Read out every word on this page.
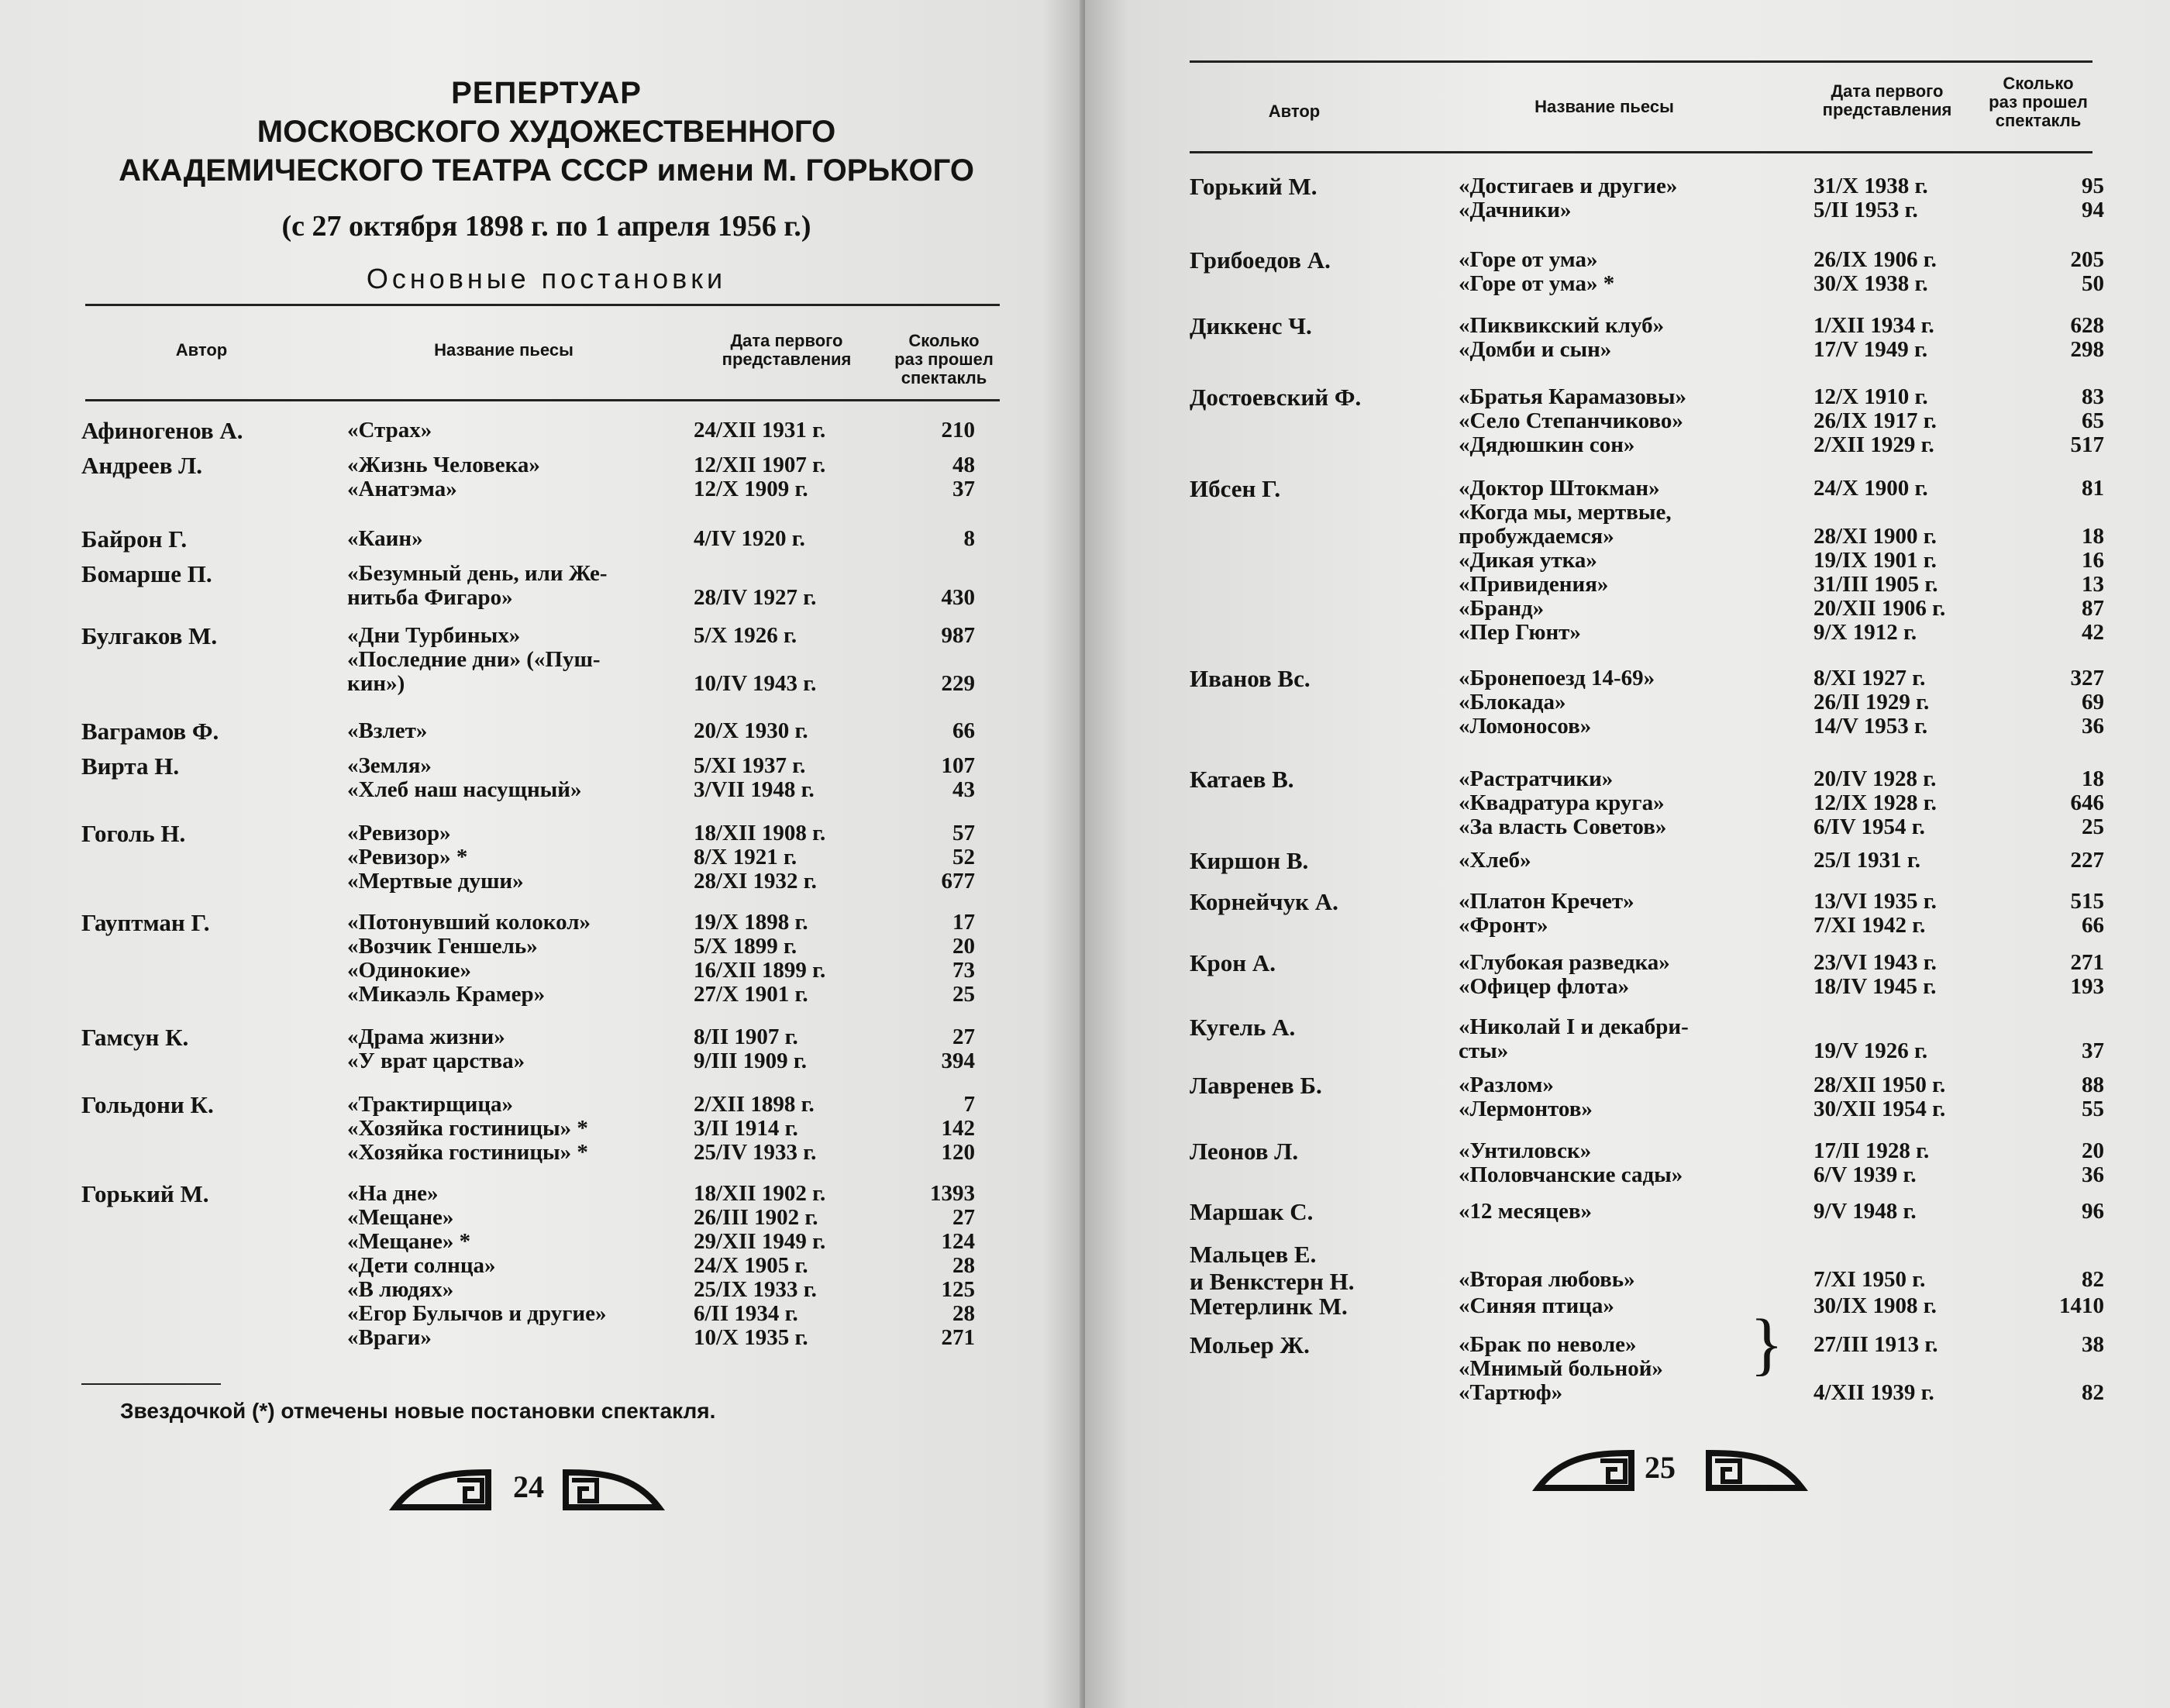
РЕПЕРТУАР
МОСКОВСКОГО ХУДОЖЕСТВЕННОГО
АКАДЕМИЧЕСКОГО ТЕАТРА СССР имени М. ГОРЬКОГО
(с 27 октября 1898 г. по 1 апреля 1956 г.)
Основные постановки
Автор	Название пьесы	Дата первого
представления
Сколько
раз прошел
спектакль
Афиногенов А.	«Страх»	24/XII 1931 г.	210
Андреев Л.	«Жизнь Человека»	12/XII 1907 г.	48
«Анатэма»	12/X 1909 г.	37
Байрон Г.	«Каин»	4/IV 1920 г.	8
Бомарше П.	«Безумный день, или Же-
нитьба Фигаро»	28/IV 1927 г.	430
Булгаков М.	«Дни Турбиных»	5/X 1926 г.	987
«Последние дни» («Пуш-
кин»)	10/IV 1943 г.	229
Ваграмов Ф.	«Взлет»	20/X 1930 г.	66
Вирта Н.	«Земля»	5/XI 1937 г.	107
«Хлеб наш насущный»	3/VII 1948 г.	43
Гоголь Н.	«Ревизор»	18/XII 1908 г.	57
«Ревизор» *	8/X 1921 г.	52
«Мертвые души»	28/XI 1932 г.	677
Гауптман Г.	«Потонувший колокол»	19/X 1898 г.	17
«Возчик Геншель»	5/X 1899 г.	20
«Одинокие»	16/XII 1899 г.	73
«Микаэль Крамер»	27/X 1901 г.	25
Гамсун К.	«Драма жизни»	8/II 1907 г.	27
«У врат царства»	9/III 1909 г.	394
Гольдони К.	«Трактирщица»	2/XII 1898 г.	7
«Хозяйка гостиницы» *	3/II 1914 г.	142
«Хозяйка гостиницы» *	25/IV 1933 г.	120
Горький М.	«На дне»	18/XII 1902 г.	1393
«Мещане»	26/III 1902 г.	27
«Мещане» *	29/XII 1949 г.	124
«Дети солнца»	24/X 1905 г.	28
«В людях»	25/IX 1933 г.	125
«Егор Булычов и другие»	6/II 1934 г.	28
«Враги»	10/X 1935 г.	271
Звездочкой (*) отмечены новые постановки спектакля.
24
Автор	Название пьесы
Дата первого
представления
Сколько
раз прошел
спектакль
Горький М.	«Достигаев и другие»	31/X 1938 г.	95
«Дачники»	5/II 1953 г.	94
Грибоедов А.	«Горе от ума»	26/IX 1906 г.	205
«Горе от ума» *	30/X 1938 г.	50
Диккенс Ч.	«Пиквикский клуб»	1/XII 1934 г.	628
«Домби и сын»	17/V 1949 г.	298
Достоевский Ф.	«Братья Карамазовы»	12/X 1910 г.	83
«Село Степанчиково»	26/IX 1917 г.	65
«Дядюшкин сон»	2/XII 1929 г.	517
Ибсен Г.	«Доктор Штокман»	24/X 1900 г.	81
«Когда мы, мертвые,
пробуждаемся»	28/XI 1900 г.	18
«Дикая утка»	19/IX 1901 г.	16
«Привидения»	31/III 1905 г.	13
«Бранд»	20/XII 1906 г.	87
«Пер Гюнт»	9/X 1912 г.	42
Иванов Вс.	«Бронепоезд 14-69»	8/XI 1927 г.	327
«Блокада»	26/II 1929 г.	69
«Ломоносов»	14/V 1953 г.	36
Катаев В.	«Растратчики»	20/IV 1928 г.	18
«Квадратура круга»	12/IX 1928 г.	646
«За власть Советов»	6/IV 1954 г.	25
Киршон В.	«Хлеб»	25/I 1931 г.	227
Корнейчук А.	«Платон Кречет»	13/VI 1935 г.	515
«Фронт»	7/XI 1942 г.	66
Крон А.	«Глубокая разведка»	23/VI 1943 г.	271
«Офицер флота»	18/IV 1945 г.	193
Кугель А.	«Николай I и декабри-
сты»	19/V 1926 г.	37
Лавренев Б.	«Разлом»	28/XII 1950 г.	88
«Лермонтов»	30/XII 1954 г.	55
Леонов Л.	«Унтиловск»	17/II 1928 г.	20
«Половчанские сады»	6/V 1939 г.	36
Маршак С.	«12 месяцев»	9/V 1948 г.	96
Мальцев Е.
и Венкстерн Н.	«Вторая любовь»	7/XI 1950 г.	82
Метерлинк М.	«Синяя птица»	30/IX 1908 г.	1410
Мольер Ж.	«Брак по неволе»	27/III 1913 г.	38
«Мнимый больной»
«Тартюф»	4/XII 1939 г.	82
}
25
